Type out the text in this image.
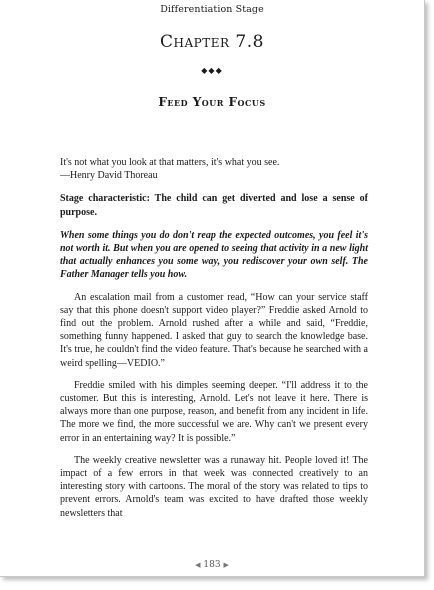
Differentiation Stage
Chapter 7.8
◆◆◆
Feed Your Focus

It's not what you look at that matters, it's what you see.

—Henry David Thoreau

Stage characteristic: The child can get diverted and lose a sense of purpose.

When some things you do don't reap the expected outcomes, you feel it's not worth it. But when you are opened to seeing that activity in a new light that actually enhances you some way, you rediscover your own self. The Father Manager tells you how.

An escalation mail from a customer read, “How can your service staff say that this phone doesn't support video player?” Freddie asked Arnold to find out the problem. Arnold rushed after a while and said, “Freddie, something funny happened. I asked that guy to search the knowledge base. It's true, he couldn't find the video feature. That's because he searched with a weird spelling—VEDIO.”

Freddie smiled with his dimples seeming deeper. “I'll address it to the customer. But this is interesting, Arnold. Let's not leave it here. There is always more than one purpose, reason, and benefit from any incident in life. The more we find, the more successful we are. Why can't we present every error in an entertaining way? It is possible.”

The weekly creative newsletter was a runaway hit. People loved it! The impact of a few errors in that week was connected creatively to an interesting story with cartoons. The moral of the story was related to tips to prevent errors. Arnold's team was excited to have drafted those weekly newsletters that

◀ 183 ▶
